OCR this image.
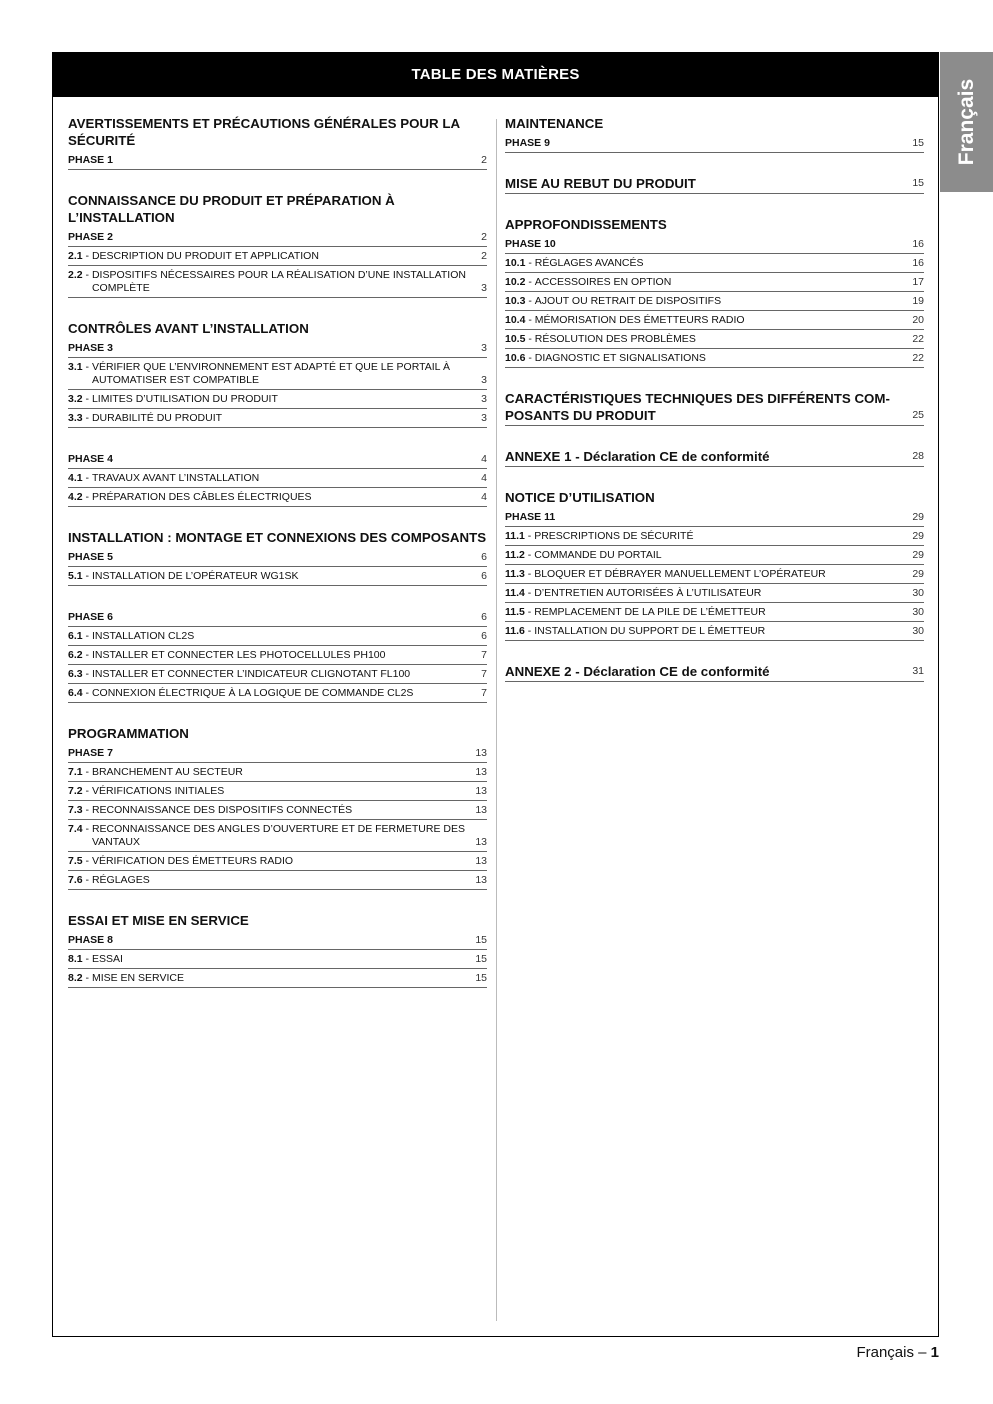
TABLE DES MATIÈRES
AVERTISSEMENTS ET PRÉCAUTIONS GÉNÉRALES POUR LA SÉCURITÉ
PHASE 1	2
CONNAISSANCE DU PRODUIT ET PRÉPARATION À L’INSTALLATION
PHASE 2	2
2.1 - DESCRIPTION DU PRODUIT ET APPLICATION	2
2.2 - DISPOSITIFS NÉCESSAIRES POUR LA RÉALISATION D’UNE INSTALLATION COMPLÈTE	3
CONTRÔLES AVANT L’INSTALLATION
PHASE 3	3
3.1 - VÉRIFIER QUE L’ENVIRONNEMENT EST ADAPTÉ ET QUE LE PORTAIL À AUTOMATISER EST COMPATIBLE	3
3.2 - LIMITES D’UTILISATION DU PRODUIT	3
3.3 - DURABILITÉ DU PRODUIT	3
PHASE 4	4
4.1 - TRAVAUX AVANT L’INSTALLATION	4
4.2 - PRÉPARATION DES CÂBLES ÉLECTRIQUES	4
INSTALLATION : MONTAGE ET CONNEXIONS DES COMPOSANTS
PHASE 5	6
5.1 - INSTALLATION DE L’OPÉRATEUR WG1SK	6
PHASE 6	6
6.1 - INSTALLATION CL2S	6
6.2 - INSTALLER ET CONNECTER LES PHOTOCELLULES PH100	7
6.3 - INSTALLER ET CONNECTER L’INDICATEUR CLIGNOTANT FL100	7
6.4 - CONNEXION ÉLECTRIQUE À LA LOGIQUE DE COMMANDE CL2S	7
PROGRAMMATION
PHASE 7	13
7.1 - BRANCHEMENT AU SECTEUR	13
7.2 - VÉRIFICATIONS INITIALES	13
7.3 - RECONNAISSANCE DES DISPOSITIFS CONNECTÉS	13
7.4 - RECONNAISSANCE DES ANGLES D’OUVERTURE ET DE FERMETURE DES VANTAUX	13
7.5 - VÉRIFICATION DES ÉMETTEURS RADIO	13
7.6 - RÉGLAGES	13
ESSAI ET MISE EN SERVICE
PHASE 8	15
8.1 - ESSAI	15
8.2 - MISE EN SERVICE	15
MAINTENANCE
PHASE 9	15
MISE AU REBUT DU PRODUIT	15
APPROFONDISSEMENTS
PHASE 10	16
10.1 - RÉGLAGES AVANCÉS	16
10.2 - ACCESSOIRES EN OPTION	17
10.3 - AJOUT OU RETRAIT DE DISPOSITIFS	19
10.4 - MÉMORISATION DES ÉMETTEURS RADIO	20
10.5 - RÉSOLUTION DES PROBLÈMES	22
10.6 - DIAGNOSTIC ET SIGNALISATIONS	22
CARACTÉRISTIQUES TECHNIQUES DES DIFFÉRENTS COM-POSANTS DU PRODUIT	25
ANNEXE 1 - Déclaration CE de conformité	28
NOTICE D’UTILISATION
PHASE 11	29
11.1 - PRESCRIPTIONS DE SÉCURITÉ	29
11.2 - COMMANDE DU PORTAIL	29
11.3 - BLOQUER ET DÉBRAYER MANUELLEMENT L’OPÉRATEUR	29
11.4 - D’ENTRETIEN AUTORISÉES À L’UTILISATEUR	30
11.5 - REMPLACEMENT DE LA PILE DE L’ÉMETTEUR	30
11.6 - INSTALLATION DU SUPPORT DE L ÉMETTEUR	30
ANNEXE 2 - Déclaration CE de conformité	31
Français
Français – 1
